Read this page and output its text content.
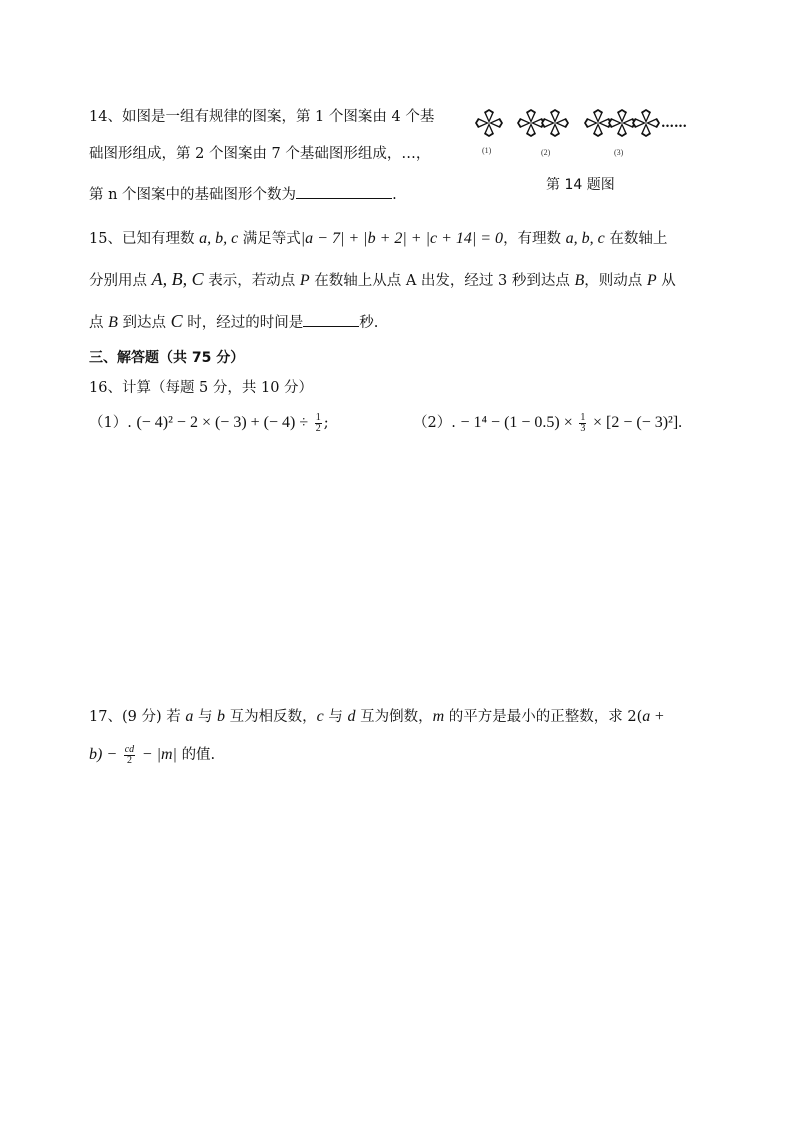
14、如图是一组有规律的图案，第 1 个图案由 4 个基
础图形组成，第 2 个图案由 7 个基础图形组成，…，
第 n 个图案中的基础图形个数为	.
(1)	(2)	(3)
……
第 14 题图
15、已知有理数 a, b, c 满足等式|a − 7| + |b + 2| + |c + 14| = 0，有理数 a, b, c 在数轴上
分别用点 A, B, C 表示，若动点 P 在数轴上从点 A 出发，经过 3 秒到达点 B，则动点 P 从
点 B 到达点 C 时，经过的时间是	秒.
三、解答题（共 75 分）
16、计算（每题 5 分，共 10 分）
（1）. (− 4)² − 2 × (− 3) + (− $4) \div \frac{1}{2}$ ;	（2）. − $1^4 - (1 - 0.5) \times \frac{1}{3} \times [2$ − (− 3)²].
17、(9 分) 若 a 与 b 互为相反数，c 与 d 互为倒数，m 的平方是最小的正整数，求 2(a +
$b) - \frac{cd}{2} - |m|$ 的值.
